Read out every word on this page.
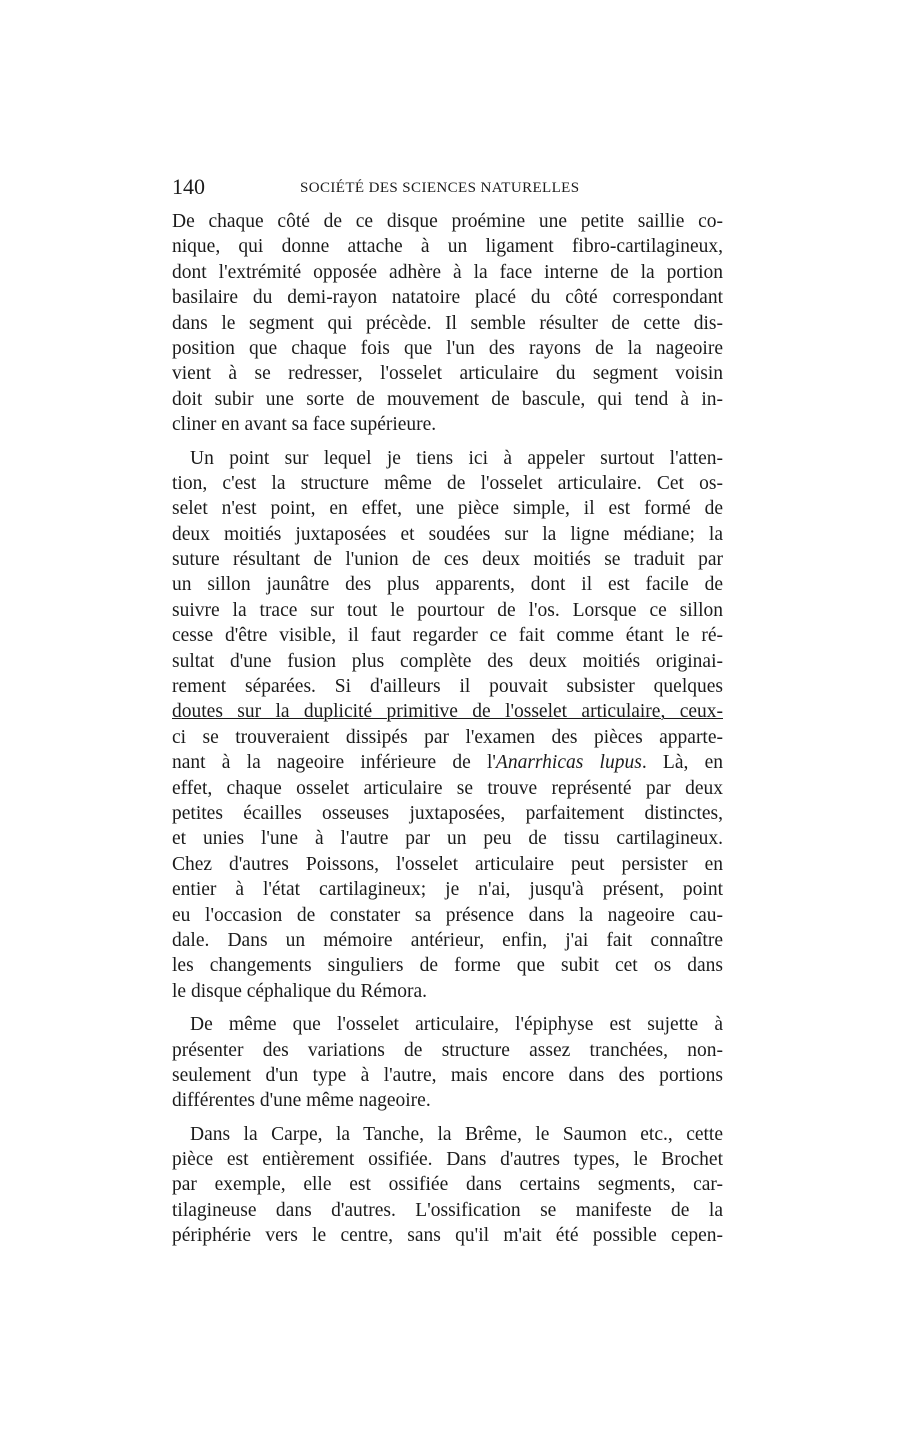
140	SOCIÉTÉ DES SCIENCES NATURELLES
De chaque côté de ce disque proémine une petite saillie co-
nique, qui donne attache à un ligament fibro-cartilagineux,
dont l'extrémité opposée adhère à la face interne de la portion
basilaire du demi-rayon natatoire placé du côté correspondant
dans le segment qui précède. Il semble résulter de cette dis-
position que chaque fois que l'un des rayons de la nageoire
vient à se redresser, l'osselet articulaire du segment voisin
doit subir une sorte de mouvement de bascule, qui tend à in-
cliner en avant sa face supérieure.
Un point sur lequel je tiens ici à appeler surtout l'atten-
tion, c'est la structure même de l'osselet articulaire. Cet os-
selet n'est point, en effet, une pièce simple, il est formé de
deux moitiés juxtaposées et soudées sur la ligne médiane; la
suture résultant de l'union de ces deux moitiés se traduit par
un sillon jaunâtre des plus apparents, dont il est facile de
suivre la trace sur tout le pourtour de l'os. Lorsque ce sillon
cesse d'être visible, il faut regarder ce fait comme étant le ré-
sultat d'une fusion plus complète des deux moitiés originai-
rement séparées. Si d'ailleurs il pouvait subsister quelques
doutes sur la duplicité primitive de l'osselet articulaire, ceux-
ci se trouveraient dissipés par l'examen des pièces apparte-
nant à la nageoire inférieure de l'Anarrhicas lupus. Là, en
effet, chaque osselet articulaire se trouve représenté par deux
petites écailles osseuses juxtaposées, parfaitement distinctes,
et unies l'une à l'autre par un peu de tissu cartilagineux.
Chez d'autres Poissons, l'osselet articulaire peut persister en
entier à l'état cartilagineux; je n'ai, jusqu'à présent, point
eu l'occasion de constater sa présence dans la nageoire cau-
dale. Dans un mémoire antérieur, enfin, j'ai fait connaître
les changements singuliers de forme que subit cet os dans
le disque céphalique du Rémora.
De même que l'osselet articulaire, l'épiphyse est sujette à
présenter des variations de structure assez tranchées, non-
seulement d'un type à l'autre, mais encore dans des portions
différentes d'une même nageoire.
Dans la Carpe, la Tanche, la Brême, le Saumon etc., cette
pièce est entièrement ossifiée. Dans d'autres types, le Brochet
par exemple, elle est ossifiée dans certains segments, car-
tilagineuse dans d'autres. L'ossification se manifeste de la
périphérie vers le centre, sans qu'il m'ait été possible cepen-
